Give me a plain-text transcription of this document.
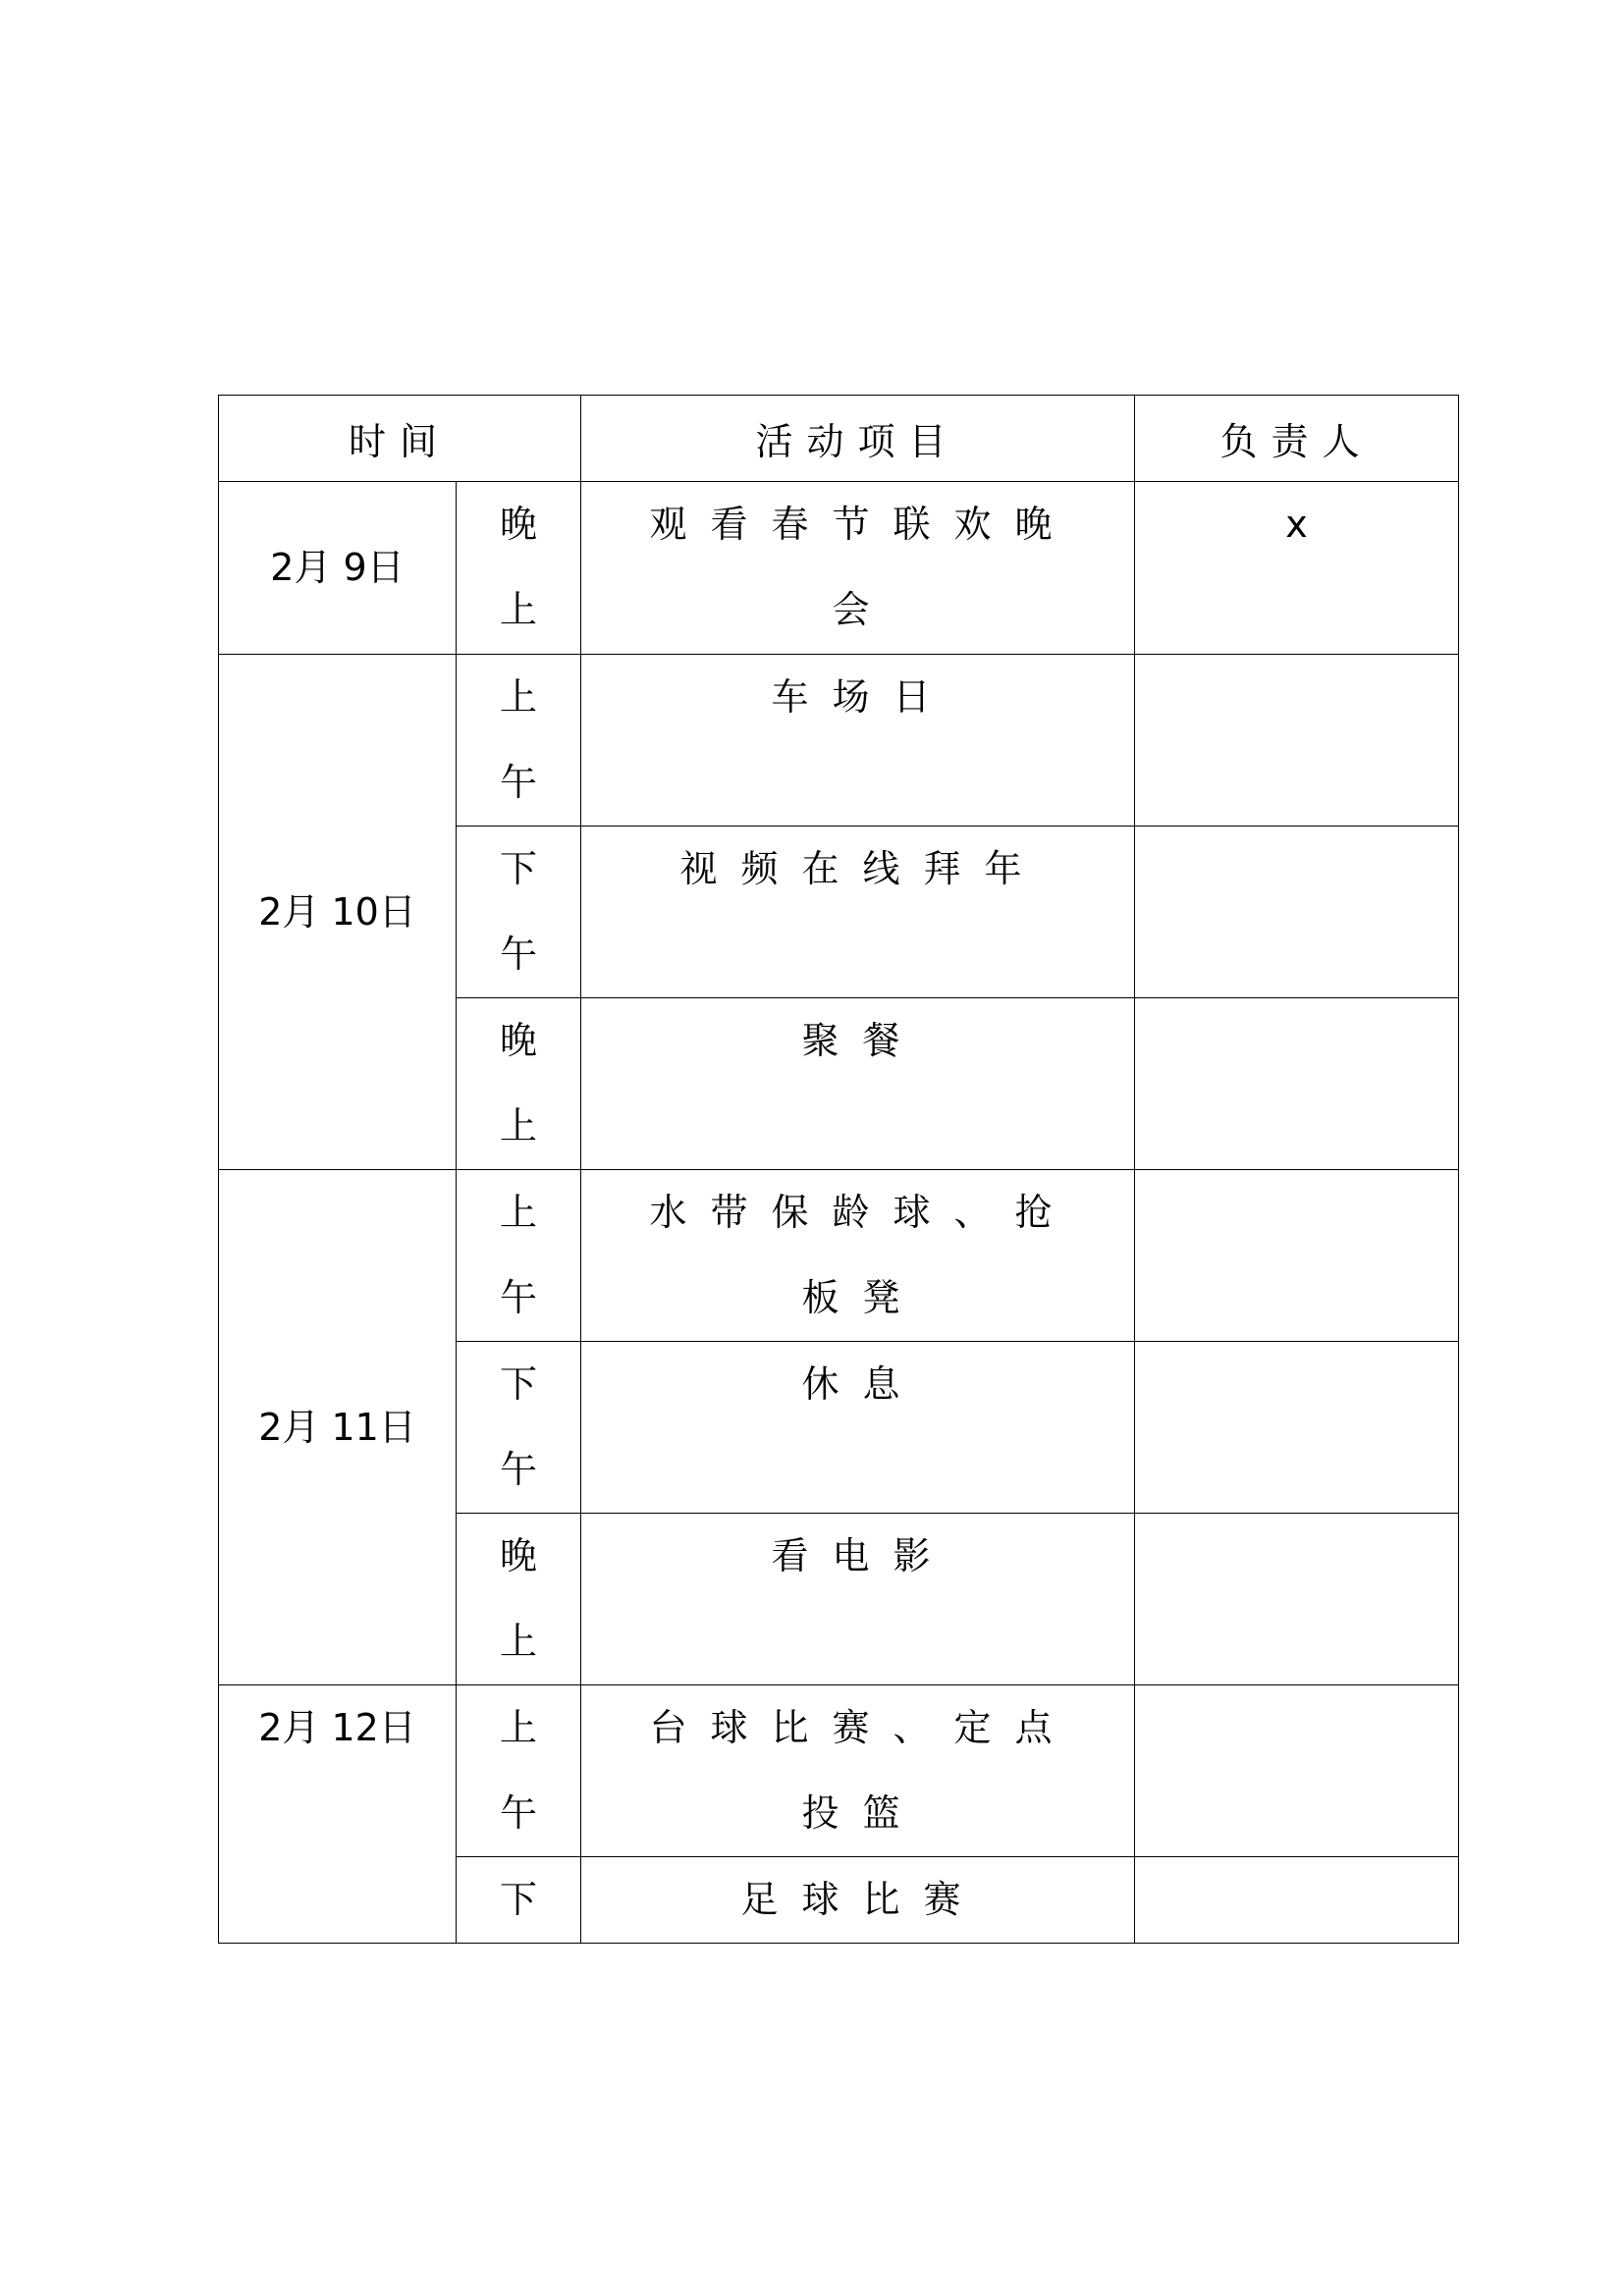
时间		活动项目	负责人

2月 9日	晚上	观看春节联欢晚会	x

2月 10日	上午	车场日	

	下午	视频在线拜年	

	晚上	聚餐	

2月 11日	上午	水带保龄球、抢板凳	

	下午	休息	

	晚上	看电影	

2月 12日	上午	台球比赛、定点投篮	

	下	足球比赛	
